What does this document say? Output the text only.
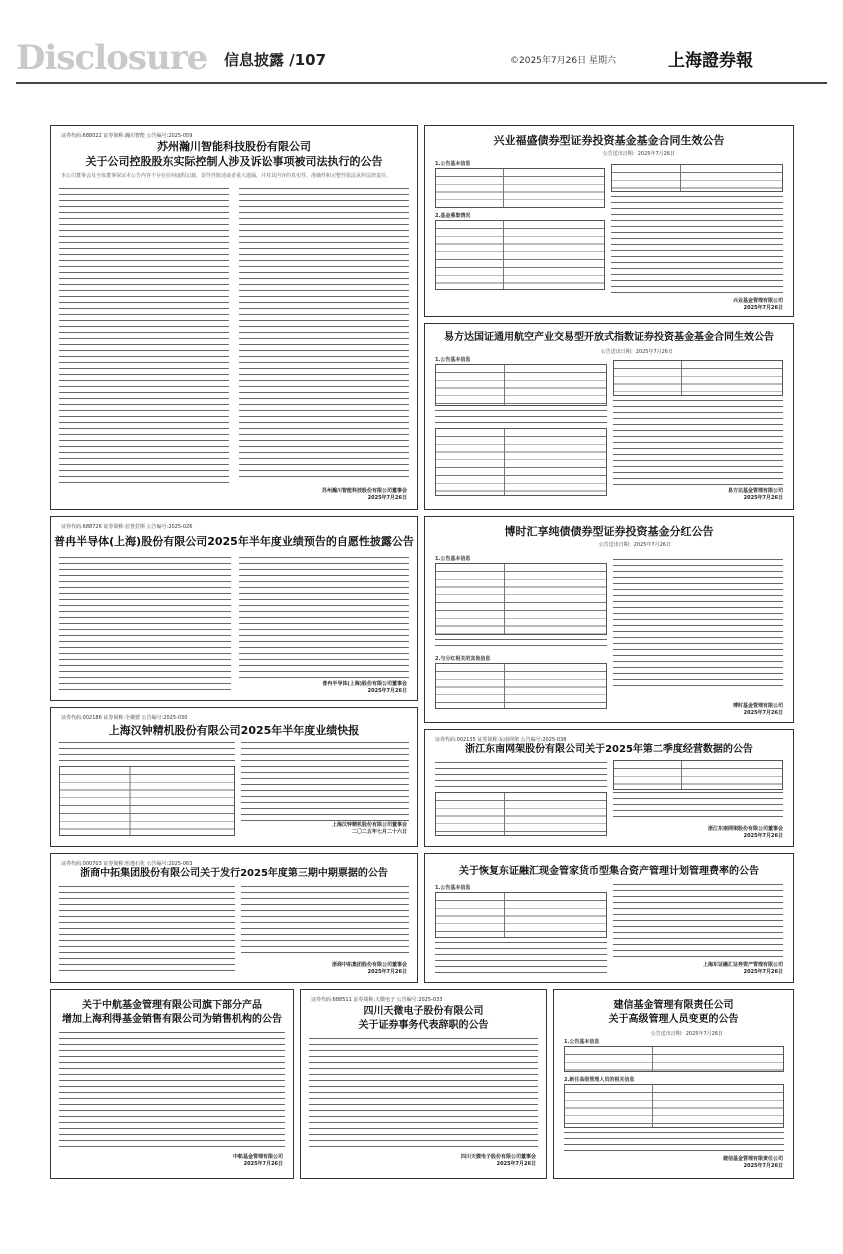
Disclosure 信息披露 /107	©2025年7月26日 星期六	上海證券報
证券代码:688022 证券简称:瀚川智能 公告编号:2025-059
苏州瀚川智能科技股份有限公司
关于公司控股股东实际控制人涉及诉讼事项被司法执行的公告
本公司董事会及全体董事保证本公告内容不存在任何虚假记载、误导性陈述或者重大遗漏，并对其内容的真实性、准确性和完整性依法承担法律责任。
苏州瀚川智能科技股份有限公司董事会
2025年7月26日
兴业福盛债券型证券投资基金基金合同生效公告
公告送出日期：2025年7月26日
1.公告基本信息
2.基金募集情况
兴业基金管理有限公司
2025年7月26日
易方达国证通用航空产业交易型开放式指数证券投资基金基金合同生效公告
公告送出日期：2025年7月26日
1.公告基本信息
易方达基金管理有限公司
2025年7月26日
证券代码:688726 证券简称:拉普拉斯 公告编号:2025-026
普冉半导体(上海)股份有限公司2025年半年度业绩预告的自愿性披露公告
普冉半导体(上海)股份有限公司董事会
2025年7月26日
博时汇享纯债债券型证券投资基金分红公告
公告送出日期：2025年7月26日
1.公告基本信息
2.与分红相关的其他信息
博时基金管理有限公司
2025年7月26日
证券代码:002186 证券简称:全聚德 公告编号:2025-030
上海汉钟精机股份有限公司2025年半年度业绩快报
上海汉钟精机股份有限公司董事会
二〇二五年七月二十六日
证券代码:002135 证券简称:东南网架 公告编号:2025-038
浙江东南网架股份有限公司关于2025年第二季度经营数据的公告
浙江东南网架股份有限公司董事会
2025年7月26日
证券代码:000703 证券简称:恒逸石化 公告编号:2025-063
浙商中拓集团股份有限公司关于发行2025年度第三期中期票据的公告
浙商中拓集团股份有限公司董事会
2025年7月26日
关于恢复东证融汇现金管家货币型集合资产管理计划管理费率的公告
1.公告基本信息
上海东证融汇证券资产管理有限公司
2025年7月26日
关于中航基金管理有限公司旗下部分产品
增加上海利得基金销售有限公司为销售机构的公告
中航基金管理有限公司
2025年7月26日
证券代码:688511 证券简称:天微电子 公告编号:2025-033
四川天微电子股份有限公司
关于证券事务代表辞职的公告
四川天微电子股份有限公司董事会
2025年7月26日
建信基金管理有限责任公司
关于高级管理人员变更的公告
公告送出日期：2025年7月26日
1.公告基本信息
2.新任高级管理人员的相关信息
建信基金管理有限责任公司
2025年7月26日
